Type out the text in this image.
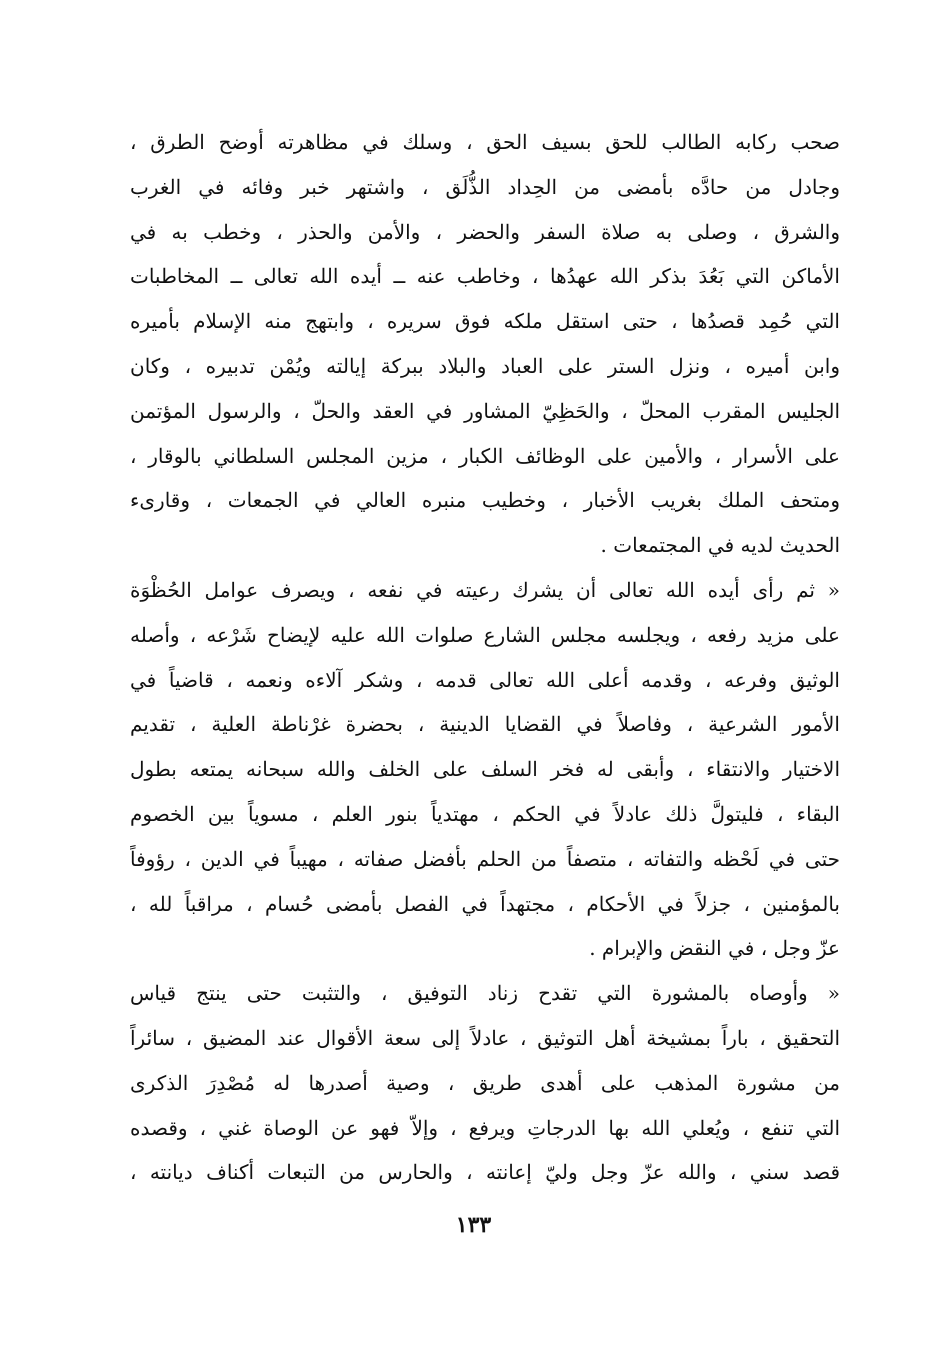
صحب ركابه الطالب للحق بسيف الحق ، وسلك في مظاهرته أوضح الطرق ،
وجادل من حادَّه بأمضى من الحِداد الذُّلَق ، واشتهر خبر وفائه في الغرب
والشرق ، وصلى به صلاة السفر والحضر ، والأمن والحذر ، وخطب به في
الأماكن التي بَعُدَ بذكر الله عهدُها ، وخاطب عنه ــ أيده الله تعالى ــ المخاطبات
التي حُمِد قصدُها ، حتى استقل ملكه فوق سريره ، وابتهج منه الإسلام بأميره
وابن أميره ، ونزل الستر على العباد والبلاد ببركة إيالته ويُمْن تدبيره ، وكان
الجليس المقرب المحلّ ، والحَظِيّ المشاور في العقد والحلّ ، والرسول المؤتمن
على الأسرار ، والأمين على الوظائف الكبار ، مزين المجلس السلطاني بالوقار ،
ومتحف الملك بغريب الأخبار ، وخطيب منبره العالي في الجمعات ، وقارىء
الحديث لديه في المجتمعات .
« ثم رأى أيده الله تعالى أن يشرك رعيته في نفعه ، ويصرف عوامل الحُظْوَة
على مزيد رفعه ، ويجلسه مجلس الشارع صلوات الله عليه لإيضاح شَرْعه ، وأصله
الوثيق وفرعه ، وقدمه أعلى الله تعالى قدمه ، وشكر آلاءه ونعمه ، قاضياً في
الأمور الشرعية ، وفاصلاً في القضايا الدينية ، بحضرة غرْناطة العلية ، تقديم
الاختيار والانتقاء ، وأبقى له فخر السلف على الخلف والله سبحانه يمتعه بطول
البقاء ، فليتولَّ ذلك عادلاً في الحكم ، مهتدياً بنور العلم ، مسوياً بين الخصوم
حتى في لَحْظه والتفاته ، متصفاً من الحلم بأفضل صفاته ، مهيباً في الدين ، رؤوفاً
بالمؤمنين ، جزلاً في الأحكام ، مجتهداً في الفصل بأمضى حُسام ، مراقباً لله ،
عزّ وجل ، في النقض والإبرام .
« وأوصاه بالمشورة التي تقدح زناد التوفيق ، والتثبت حتى ينتج قياس
التحقيق ، باراً بمشيخة أهل التوثيق ، عادلاً إلى سعة الأقوال عند المضيق ، سائراً
من مشورة المذهب على أهدى طريق ، وصية أصدرها له مُصْدِرَ الذكرى
التي تنفع ، ويُعلي الله بها الدرجاتِ ويرفع ، وإلاّ فهو عن الوصاة غني ، وقصده
قصد سني ، والله عزّ وجل وليّ إعانته ، والحارس من التبعات أكناف ديانته ،
١٣٣
